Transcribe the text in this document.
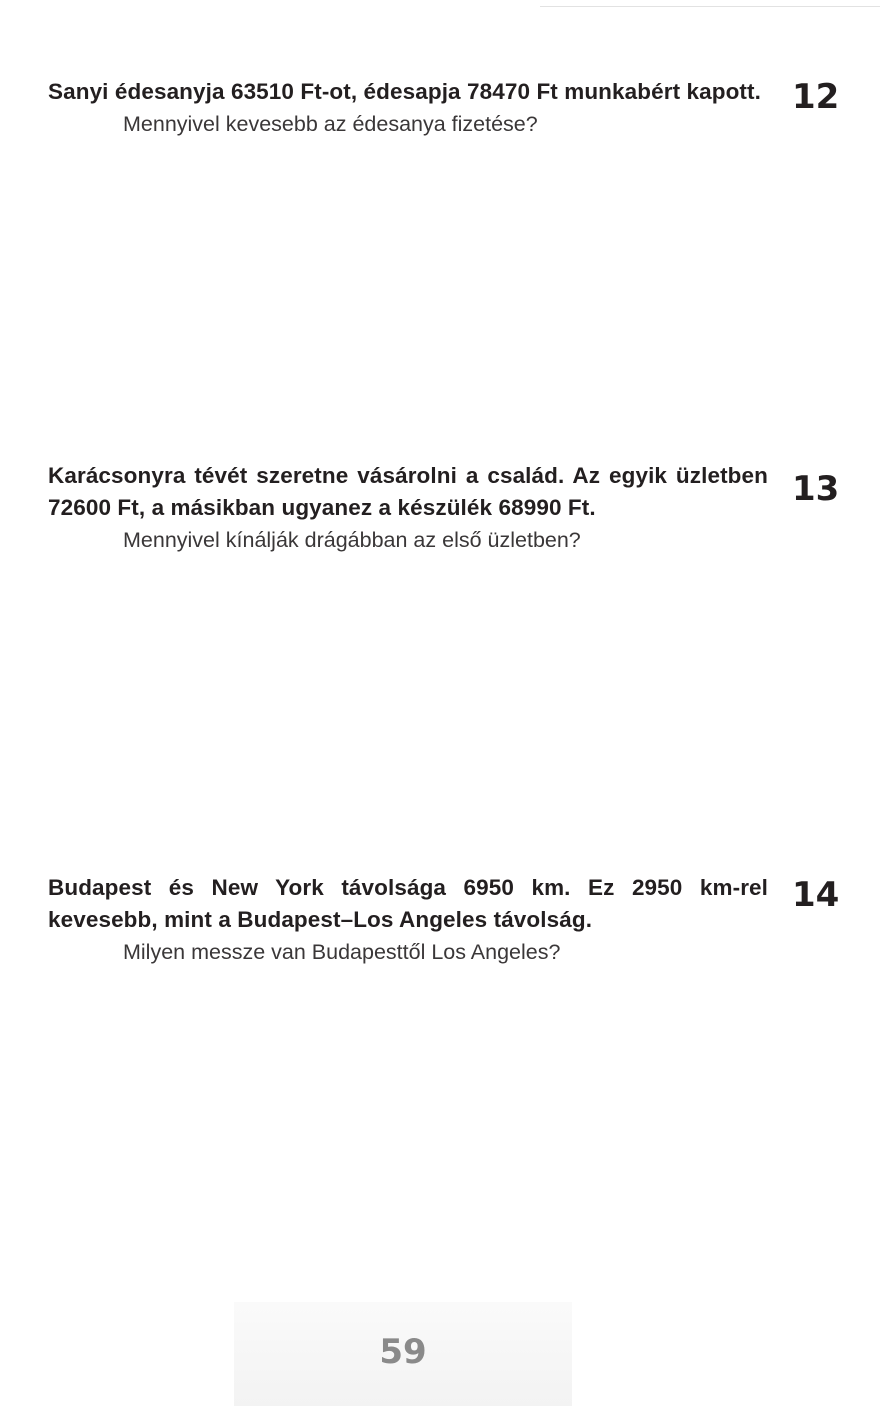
Sanyi édesanyja 63510 Ft-ot, édesapja 78470 Ft munkabért kapott.

Mennyivel kevesebb az édesanya fizetése?

12

Karácsonyra tévét szeretne vásárolni a család. Az egyik üzletben 72600 Ft, a másikban ugyanez a készülék 68990 Ft.

Mennyivel kínálják drágábban az első üzletben?

13

Budapest és New York távolsága 6950 km. Ez 2950 km-rel kevesebb, mint a Budapest–Los Angeles távolság.

Milyen messze van Budapesttől Los Angeles?

14
59
